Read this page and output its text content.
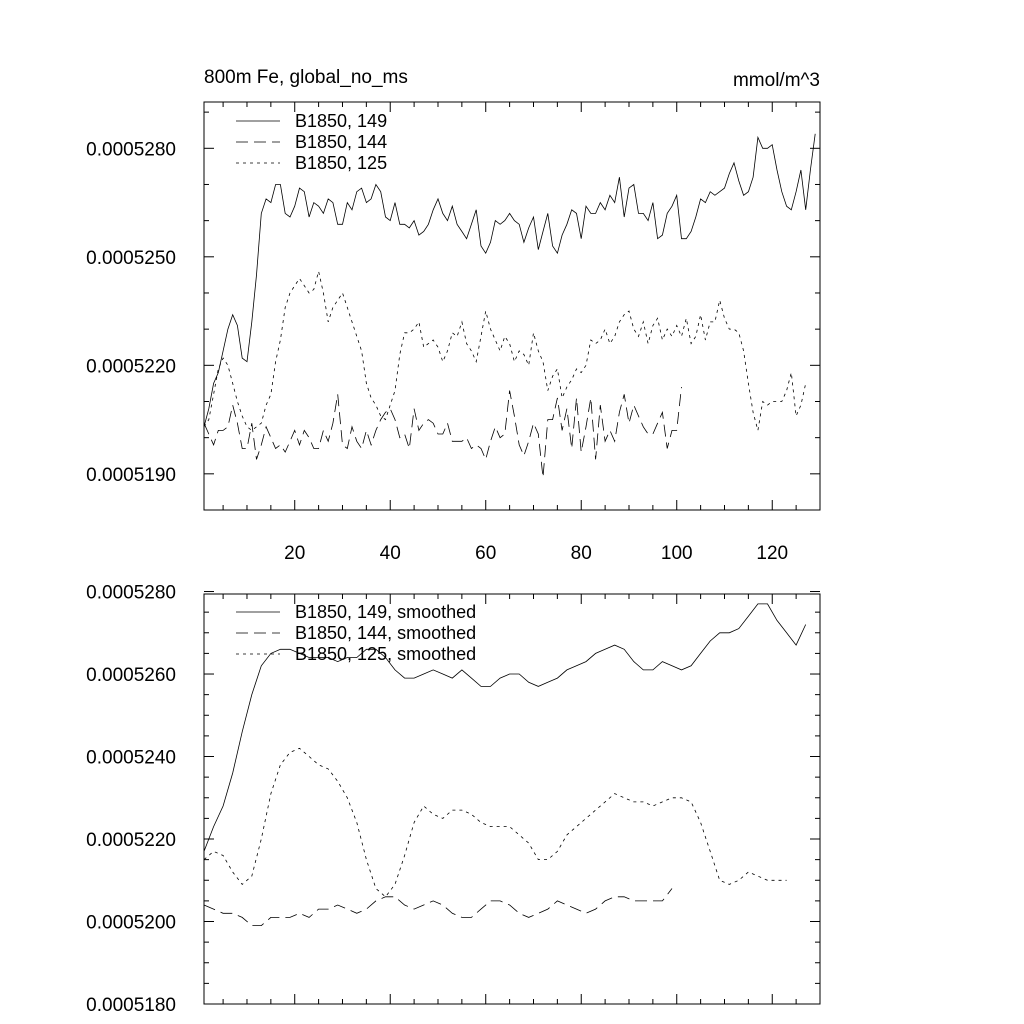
800m Fe, global_no_ms	mmol/m^3
20	40	60	80	100	120
0.0005190
0.0005220
0.0005250
0.0005280
B1850, 149
B1850, 144
B1850, 125
0.0005180
0.0005200
0.0005220
0.0005240
0.0005260
0.0005280
B1850, 149, smoothed
B1850, 144, smoothed
B1850, 125, smoothed
